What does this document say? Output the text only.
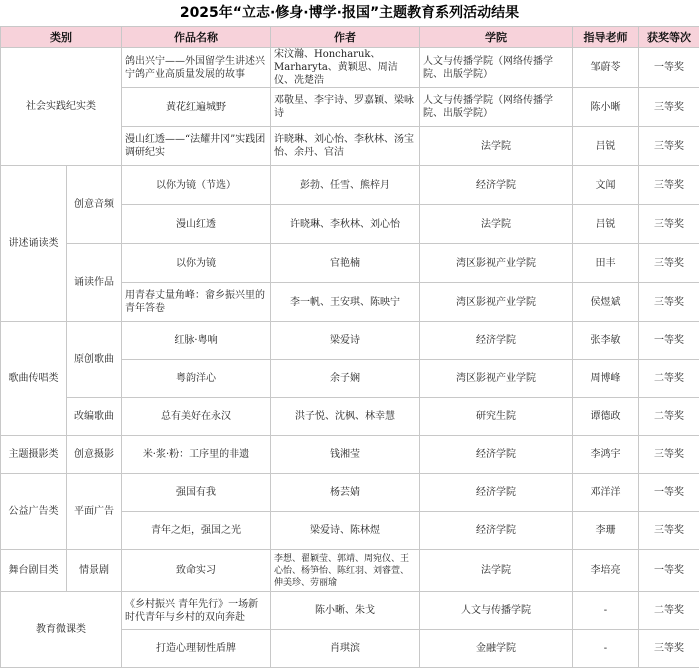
2025年“立志·修身·博学·报国”主题教育系列活动结果
类别		作品名称	作者	学院	指导老师	获奖等次
社会实践纪实类		鸽出兴宁——外国留学生讲述兴宁鸽产业高质量发展的故事	宋汶瀚、Honcharuk、Marharyta、黄颖思、周洁仪、冼楚浩	人文与传播学院（网络传播学院、出版学院）	邹蔚苓	一等奖
		黄花红遍城野	邓敬星、李宇诗、罗嘉颖、梁咏诗	人文与传播学院（网络传播学院、出版学院）	陈小晰	三等奖
		漫山红透——“法耀井冈”实践团调研纪实	许晓琳、刘心怡、李秋林、汤宝怡、余丹、官洁	法学院	吕锐	三等奖
讲述诵读类	创意音频	以你为镜（节选）	彭勃、任雪、熊梓月	经济学院	文闻	三等奖
		漫山红透	许晓琳、李秋林、刘心怡	法学院	吕锐	三等奖
	诵读作品	以你为镜	官艳楠	湾区影视产业学院	田丰	三等奖
		用青春丈量角峰：畲乡振兴里的青年答卷	李一帆、王安琪、陈映宁	湾区影视产业学院	侯煜斌	三等奖
歌曲传唱类	原创歌曲	红脉·粤响	梁爱诗	经济学院	张李敏	一等奖
		粤韵洋心	余子娴	湾区影视产业学院	周博峰	二等奖
	改编歌曲	总有美好在永汉	洪子悦、沈枫、林幸慧	研究生院	谭德政	二等奖
主题摄影类	创意摄影	米·浆·粉：工序里的非遗	钱湘莹	经济学院	李鸿宇	三等奖
公益广告类	平面广告	强国有我	杨芸婧	经济学院	邓洋洋	一等奖
		青年之炬，强国之光	梁爱诗、陈林煜	经济学院	李珊	三等奖
舞台剧目类	情景剧	致命实习	李想、翟颖莹、郭靖、周宛仪、王心怡、杨笋怡、陈红羽、刘睿萱、伸美珍、劳丽瑜	法学院	李培亮	一等奖
教育微课类		《乡村振兴 青年先行》一场新时代青年与乡村的双向奔赴	陈小晰、朱戈	人文与传播学院	-	二等奖
		打造心理韧性盾牌	肖琪滨	金融学院	-	三等奖
